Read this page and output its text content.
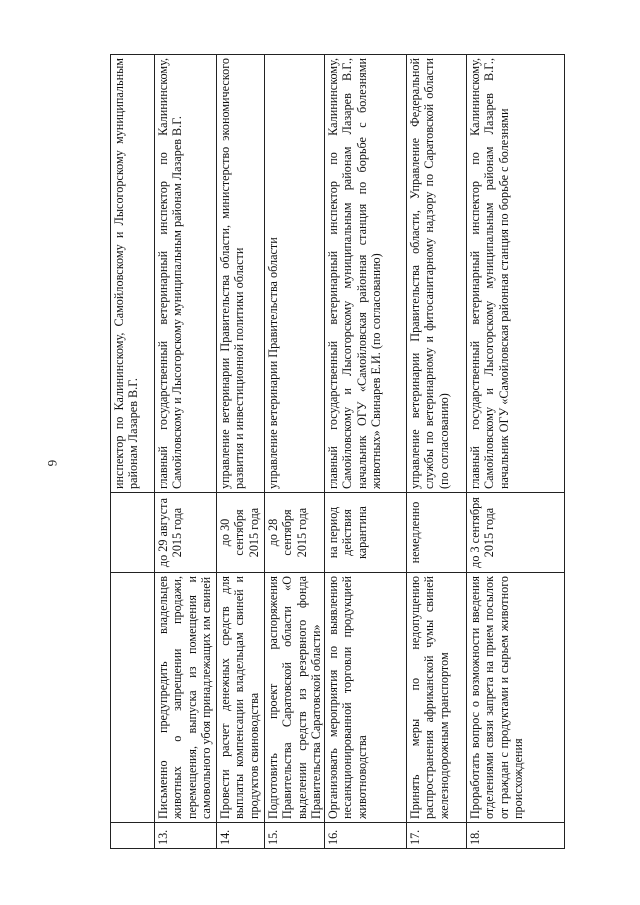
6
				инспектор по Калининскому, Самойловскому и Лысогорскому муниципальным районам Лазарев В.Г.
13.	Письменно предупредить владельцев животных о запрещении продажи, перемещения, выпуска из помещения и самовольного убоя принадлежащих им свиней	до 29 августа 2015 года	главный государственный ветеринарный инспектор по Калининскому, Самойловскому и Лысогорскому муниципальным районам Лазарев В.Г.
14.	Провести расчет денежных средств для выплаты компенсации владельцам свиней и продуктов свиноводства	до 30 сентября 2015 года	управление ветеринарии Правительства области, министерство экономического развития и инвестиционной политики области
15.	Подготовить проект распоряжения Правительства Саратовской области «О выделении средств из резервного фонда Правительства Саратовской области»	до 28 сентября 2015 года	управление ветеринарии Правительства области
16.	Организовать мероприятия по выявлению несанкционированной торговли продукцией животноводства	на период действия карантина	главный государственный ветеринарный инспектор по Калининскому, Самойловскому и Лысогорскому муниципальным районам Лазарев В.Г., начальник ОГУ «Самойловская районная станция по борьбе с болезнями животных» Свинарев Е.И. (по согласованию)
17.	Принять меры по недопущению распространения африканской чумы свиней железнодорожным транспортом	немедленно	управление ветеринарии Правительства области, Управление Федеральной службы по ветеринарному и фитосанитарному надзору по Саратовской области (по согласованию)
18.	Проработать вопрос о возможности введения отделениями связи запрета на прием посылок от граждан с продуктами и сырьем животного происхождения	до 3 сентября 2015 года	главный государственный ветеринарный инспектор по Калининскому, Самойловскому и Лысогорскому муниципальным районам Лазарев В.Г., начальник ОГУ «Самойловская районная станция по борьбе с болезнями
